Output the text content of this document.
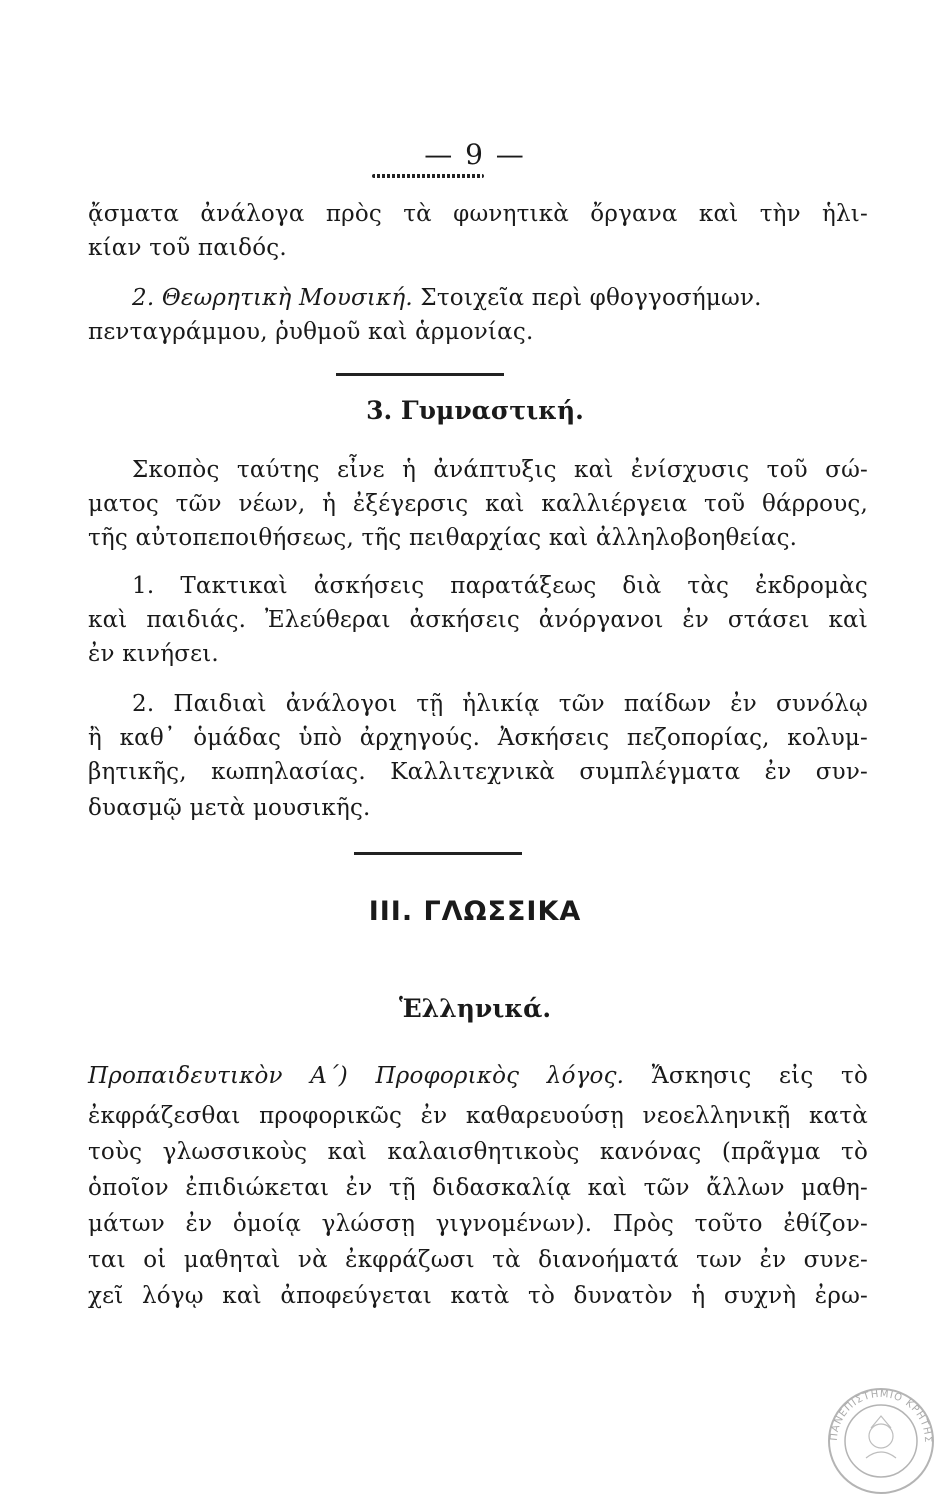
— 9 —
ᾄσματα ἀνάλογα πρὸς τὰ φωνητικὰ ὄργανα καὶ τὴν ἡλι-
κίαν τοῦ παιδός.
2. Θεωρητικὴ Μουσική. Στοιχεῖα περὶ φθογγοσήμων.
πενταγράμμου, ῥυθμοῦ καὶ ἁρμονίας.
3. Γυμναστική.
Σκοπὸς ταύτης εἶνε ἡ ἀνάπτυξις καὶ ἐνίσχυσις τοῦ σώ-
ματος τῶν νέων, ἡ ἐξέγερσις καὶ καλλιέργεια τοῦ θάρρους,
τῆς αὐτοπεποιθήσεως, τῆς πειθαρχίας καὶ ἀλληλοβοηθείας.
1. Τακτικαὶ ἀσκήσεις παρατάξεως διὰ τὰς ἐκδρομὰς
καὶ παιδιάς. Ἐλεύθεραι ἀσκήσεις ἀνόργανοι ἐν στάσει καὶ
ἐν κινήσει.
2. Παιδιαὶ ἀνάλογοι τῇ ἡλικίᾳ τῶν παίδων ἐν συνόλῳ
ἢ καθ᾽ ὁμάδας ὑπὸ ἀρχηγούς. Ἀσκήσεις πεζοπορίας, κολυμ-
βητικῆς, κωπηλασίας. Καλλιτεχνικὰ συμπλέγματα ἐν συν-
δυασμῷ μετὰ μουσικῆς.
ΙΙΙ. ΓΛΩΣΣΙΚΑ
Ἑλληνικά.
Προπαιδευτικὸν Α΄) Προφορικὸς λόγος. Ἄσκησις εἰς τὸ
ἐκφράζεσθαι προφορικῶς ἐν καθαρευούσῃ νεοελληνικῇ κατὰ
τοὺς γλωσσικοὺς καὶ καλαισθητικοὺς κανόνας (πρᾶγμα τὸ
ὁποῖον ἐπιδιώκεται ἐν τῇ διδασκαλίᾳ καὶ τῶν ἄλλων μαθη-
μάτων ἐν ὁμοίᾳ γλώσσῃ γιγνομένων). Πρὸς τοῦτο ἐθίζον-
ται οἱ μαθηταὶ νὰ ἐκφράζωσι τὰ διανοήματά των ἐν συνε-
χεῖ λόγῳ καὶ ἀποφεύγεται κατὰ τὸ δυνατὸν ἡ συχνὴ ἐρω-
ΠΑΝΕΠΙΣΤΗΜΙΟ ΚΡΗΤΗΣ
